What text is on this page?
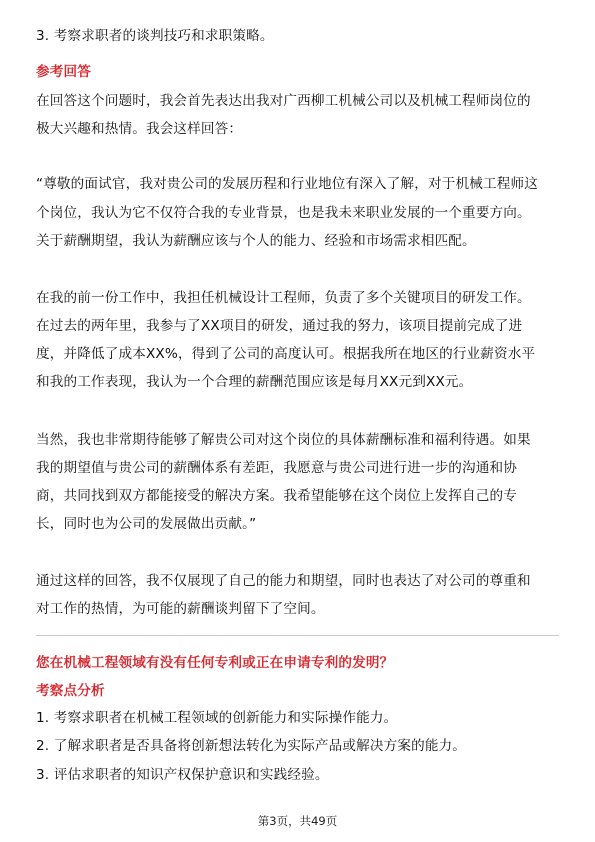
3. 考察求职者的谈判技巧和求职策略。
参考回答
在回答这个问题时，我会首先表达出我对广西柳工机械公司以及机械工程师岗位的
极大兴趣和热情。我会这样回答：
“尊敬的面试官，我对贵公司的发展历程和行业地位有深入了解，对于机械工程师这
个岗位，我认为它不仅符合我的专业背景，也是我未来职业发展的一个重要方向。
关于薪酬期望，我认为薪酬应该与个人的能力、经验和市场需求相匹配。
在我的前一份工作中，我担任机械设计工程师，负责了多个关键项目的研发工作。
在过去的两年里，我参与了XX项目的研发，通过我的努力，该项目提前完成了进
度，并降低了成本XX%，得到了公司的高度认可。根据我所在地区的行业薪资水平
和我的工作表现，我认为一个合理的薪酬范围应该是每月XX元到XX元。
当然，我也非常期待能够了解贵公司对这个岗位的具体薪酬标准和福利待遇。如果
我的期望值与贵公司的薪酬体系有差距，我愿意与贵公司进行进一步的沟通和协
商，共同找到双方都能接受的解决方案。我希望能够在这个岗位上发挥自己的专
长，同时也为公司的发展做出贡献。”
通过这样的回答，我不仅展现了自己的能力和期望，同时也表达了对公司的尊重和
对工作的热情，为可能的薪酬谈判留下了空间。
您在机械工程领域有没有任何专利或正在申请专利的发明？
考察点分析
1. 考察求职者在机械工程领域的创新能力和实际操作能力。
2. 了解求职者是否具备将创新想法转化为实际产品或解决方案的能力。
3. 评估求职者的知识产权保护意识和实践经验。
第3页，共49页
